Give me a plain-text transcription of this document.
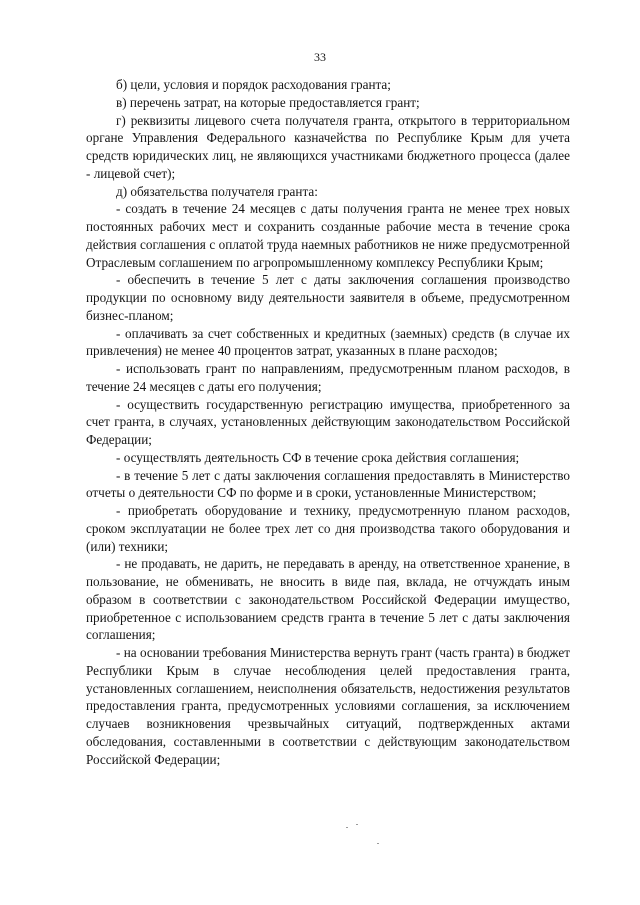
33

б) цели, условия и порядок расходования гранта;

в) перечень затрат, на которые предоставляется грант;

г) реквизиты лицевого счета получателя гранта, открытого в территориальном органе Управления Федерального казначейства по Республике Крым для учета средств юридических лиц, не являющихся участниками бюджетного процесса (далее - лицевой счет);

д) обязательства получателя гранта:

- создать в течение 24 месяцев с даты получения гранта не менее трех новых постоянных рабочих мест и сохранить созданные рабочие места в течение срока действия соглашения с оплатой труда наемных работников не ниже предусмотренной Отраслевым соглашением по агропромышленному комплексу Республики Крым;

- обеспечить в течение 5 лет с даты заключения соглашения производство продукции по основному виду деятельности заявителя в объеме, предусмотренном бизнес-планом;

- оплачивать за счет собственных и кредитных (заемных) средств (в случае их привлечения) не менее 40 процентов затрат, указанных в плане расходов;

- использовать грант по направлениям, предусмотренным планом расходов, в течение 24 месяцев с даты его получения;

- осуществить государственную регистрацию имущества, приобретенного за счет гранта, в случаях, установленных действующим законодательством Российской Федерации;

- осуществлять деятельность СФ в течение срока действия соглашения;

- в течение 5 лет с даты заключения соглашения предоставлять в Министерство отчеты о деятельности СФ по форме и в сроки, установленные Министерством;

- приобретать оборудование и технику, предусмотренную планом расходов, сроком эксплуатации не более трех лет со дня производства такого оборудования и (или) техники;

- не продавать, не дарить, не передавать в аренду, на ответственное хранение, в пользование, не обменивать, не вносить в виде пая, вклада, не отчуждать иным образом в соответствии с законодательством Российской Федерации имущество, приобретенное с использованием средств гранта в течение 5 лет с даты заключения соглашения;

- на основании требования Министерства вернуть грант (часть гранта) в бюджет Республики Крым в случае несоблюдения целей предоставления гранта, установленных соглашением, неисполнения обязательств, недостижения результатов предоставления гранта, предусмотренных условиями соглашения, за исключением случаев возникновения чрезвычайных ситуаций, подтвержденных актами обследования, составленными в соответствии с действующим законодательством Российской Федерации;
